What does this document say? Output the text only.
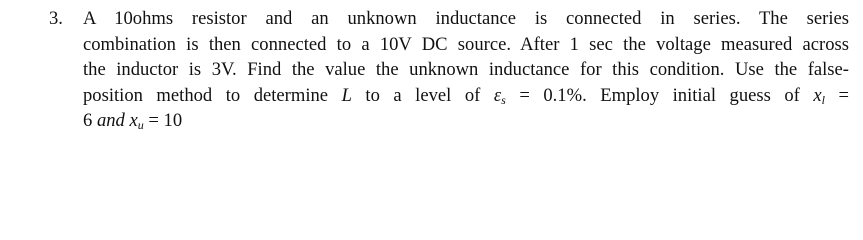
3. A 10ohms resistor and an unknown inductance is connected in series. The series
combination is then connected to a 10V DC source. After 1 sec the voltage measured across
the inductor is 3V. Find the value the unknown inductance for this condition. Use the false-
position method to determine L to a level of $\varepsilon_s = 0.1\%$. Employ initial guess of $x_l$ =
6 and $x_u = 10$
